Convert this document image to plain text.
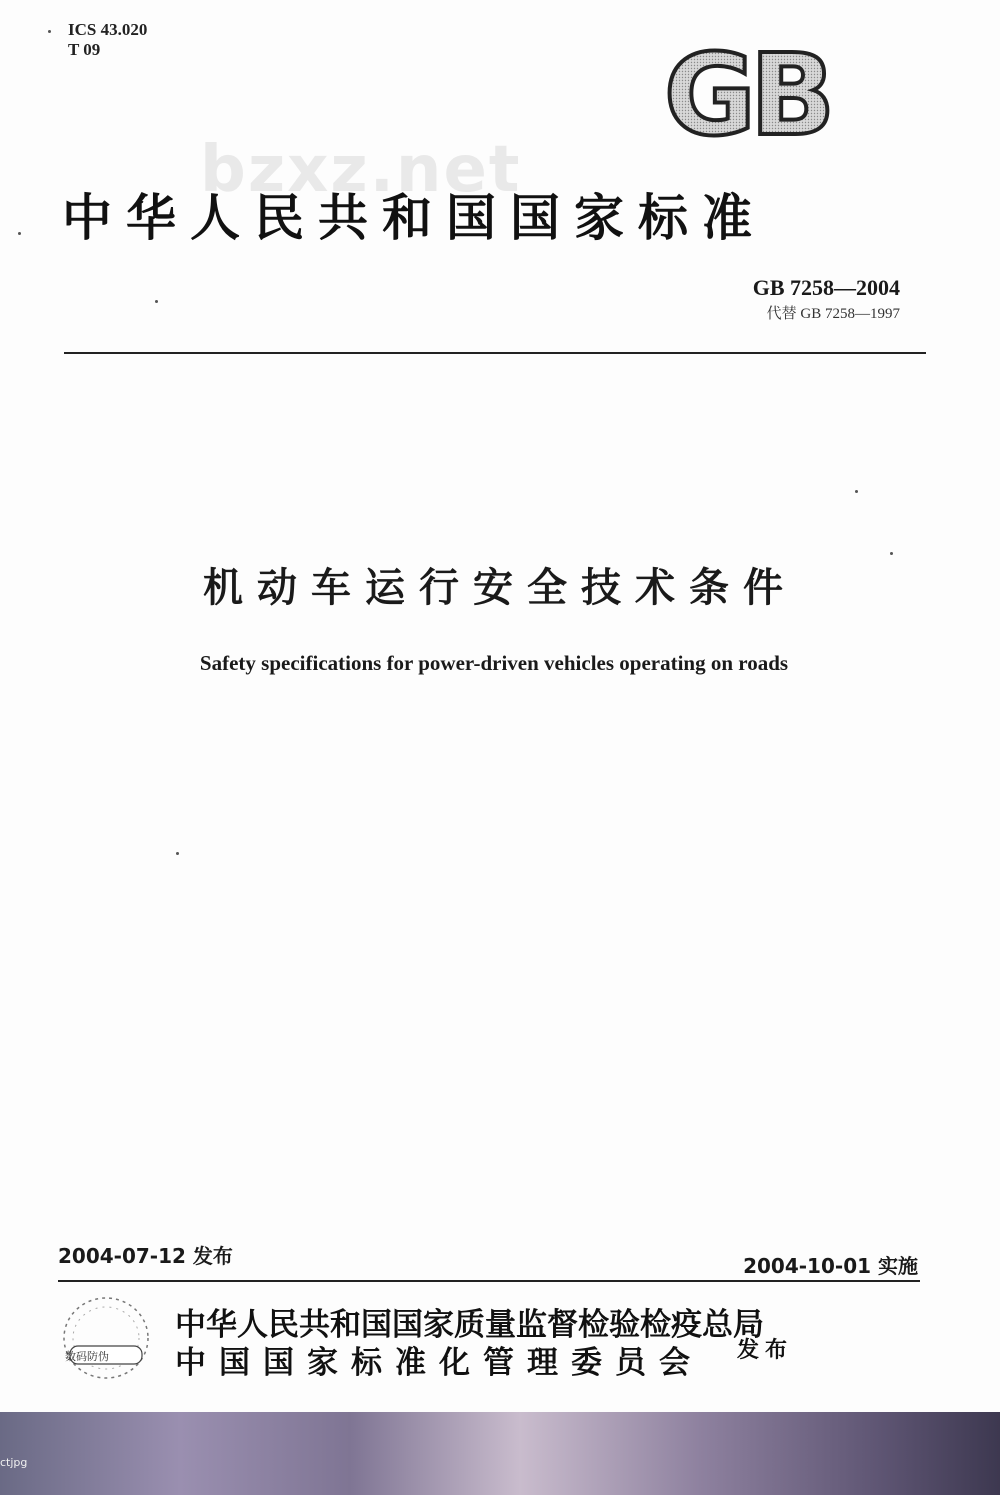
ICS 43.020
T 09	GB
bzxz.net
中华人民共和国国家标准
GB 7258—2004
代替 GB 7258—1997
机动车运行安全技术条件
Safety specifications for power-driven vehicles operating on roads
2004-07-12 发布	2004-10-01 实施
数码防伪
中华人民共和国国家质量监督检验检疫总局
中国国家标准化管理委员会	发布
ctjpg
